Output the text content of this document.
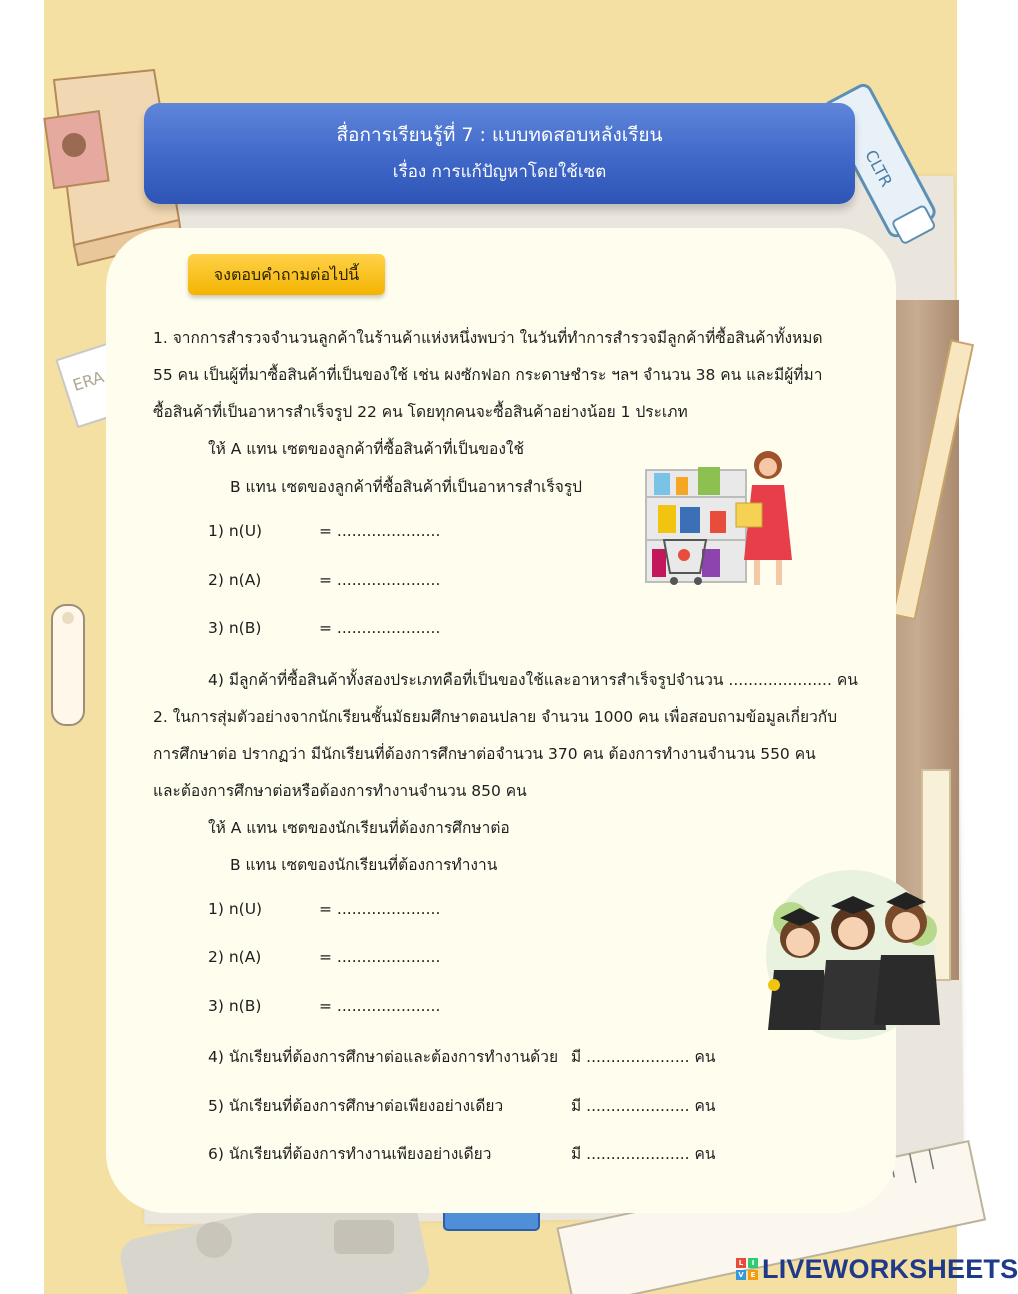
ERA
CLTR
สื่อการเรียนรู้ที่ 7 : แบบทดสอบหลังเรียน
เรื่อง การแก้ปัญหาโดยใช้เซต
จงตอบคำถามต่อไปนี้
1. จากการสำรวจจำนวนลูกค้าในร้านค้าแห่งหนึ่งพบว่า ในวันที่ทำการสำรวจมีลูกค้าที่ซื้อสินค้าทั้งหมด
55 คน เป็นผู้ที่มาซื้อสินค้าที่เป็นของใช้ เช่น ผงซักฟอก กระดาษชำระ ฯลฯ จำนวน 38 คน และมีผู้ที่มา
ซื้อสินค้าที่เป็นอาหารสำเร็จรูป 22 คน โดยทุกคนจะซื้อสินค้าอย่างน้อย 1 ประเภท
ให้ A แทน เซตของลูกค้าที่ซื้อสินค้าที่เป็นของใช้
B แทน เซตของลูกค้าที่ซื้อสินค้าที่เป็นอาหารสำเร็จรูป
1) n(U)	= .....................
2) n(A)	= .....................
3) n(B)	= .....................
4) มีลูกค้าที่ซื้อสินค้าทั้งสองประเภทคือที่เป็นของใช้และอาหารสำเร็จรูปจำนวน ..................... คน
2. ในการสุ่มตัวอย่างจากนักเรียนชั้นมัธยมศึกษาตอนปลาย จำนวน 1000 คน เพื่อสอบถามข้อมูลเกี่ยวกับ
การศึกษาต่อ ปรากฏว่า มีนักเรียนที่ต้องการศึกษาต่อจำนวน 370 คน ต้องการทำงานจำนวน 550 คน
และต้องการศึกษาต่อหรือต้องการทำงานจำนวน 850 คน
ให้ A แทน เซตของนักเรียนที่ต้องการศึกษาต่อ
B แทน เซตของนักเรียนที่ต้องการทำงาน
1) n(U)	= .....................
2) n(A)	= .....................
3) n(B)	= .....................
4) นักเรียนที่ต้องการศึกษาต่อและต้องการทำงานด้วย มี ..................... คน
5) นักเรียนที่ต้องการศึกษาต่อเพียงอย่างเดียว	มี ..................... คน
6) นักเรียนที่ต้องการทำงานเพียงอย่างเดียว	มี ..................... คน
L	I
V E LIVEWORKSHEETS
